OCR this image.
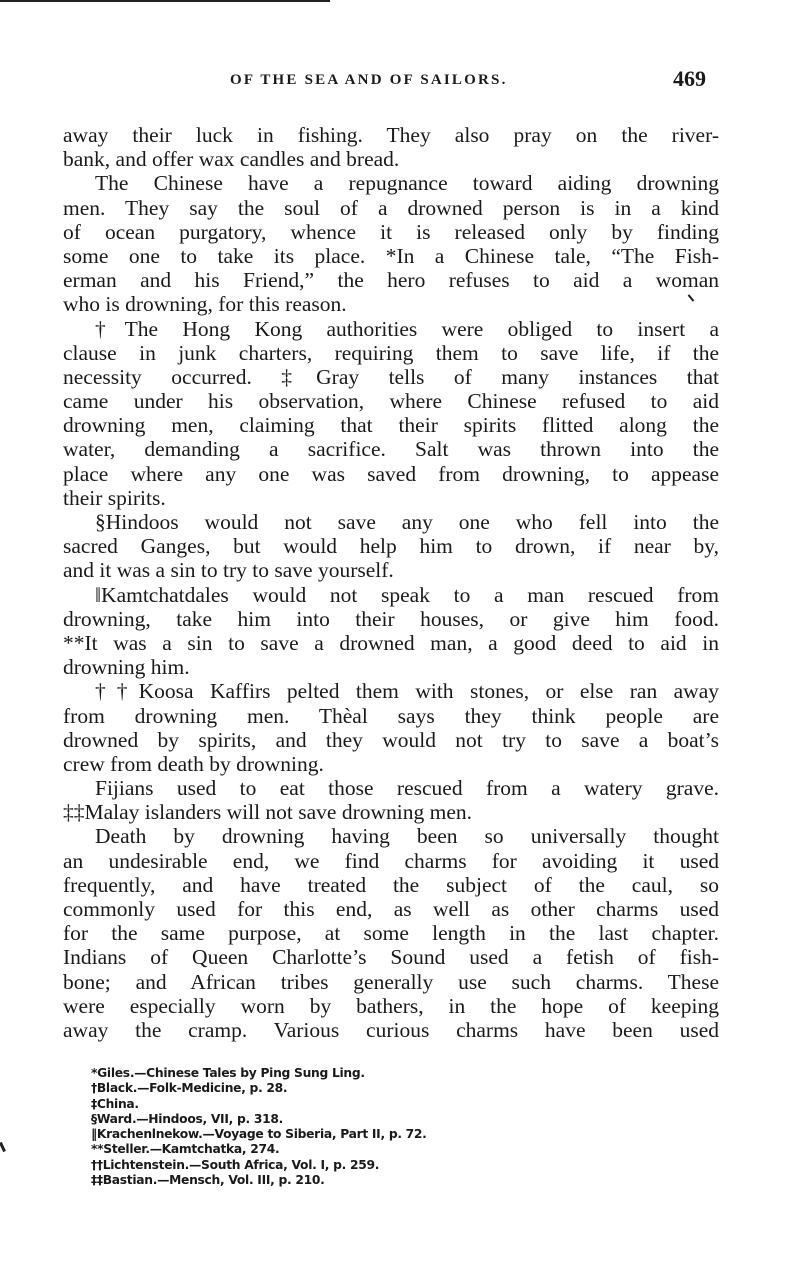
OF THE SEA AND OF SAILORS.	469
away their luck in fishing. They also pray on the river-
bank, and offer wax candles and bread.
The Chinese have a repugnance toward aiding drowning
men. They say the soul of a drowned person is in a kind
of ocean purgatory, whence it is released only by finding
some one to take its place. *In a Chinese tale, “The Fish-
erman and his Friend,” the hero refuses to aid a woman
who is drowning, for this reason.
†The Hong Kong authorities were obliged to insert a
clause in junk charters, requiring them to save life, if the
necessity occurred. ‡Gray tells of many instances that
came under his observation, where Chinese refused to aid
drowning men, claiming that their spirits flitted along the
water, demanding a sacrifice. Salt was thrown into the
place where any one was saved from drowning, to appease
their spirits.
§Hindoos would not save any one who fell into the
sacred Ganges, but would help him to drown, if near by,
and it was a sin to try to save yourself.
‖Kamtchatdales would not speak to a man rescued from
drowning, take him into their houses, or give him food.
**It was a sin to save a drowned man, a good deed to aid in
drowning him.
††Koosa Kaffirs pelted them with stones, or else ran away
from drowning men. Thèal says they think people are
drowned by spirits, and they would not try to save a boat’s
crew from death by drowning.
Fijians used to eat those rescued from a watery grave.
‡‡Malay islanders will not save drowning men.
Death by drowning having been so universally thought
an undesirable end, we find charms for avoiding it used
frequently, and have treated the subject of the caul, so
commonly used for this end, as well as other charms used
for the same purpose, at some length in the last chapter.
Indians of Queen Charlotte’s Sound used a fetish of fish-
bone; and African tribes generally use such charms. These
were especially worn by bathers, in the hope of keeping
away the cramp. Various curious charms have been used
*Giles.—Chinese Tales by Ping Sung Ling.
†Black.—Folk-Medicine, p. 28.
‡China.
§Ward.—Hindoos, VII, p. 318.
‖Krachenlnekow.—Voyage to Siberia, Part II, p. 72.
**Steller.—Kamtchatka, 274.
††Lichtenstein.—South Africa, Vol. I, p. 259.
‡‡Bastian.—Mensch, Vol. III, p. 210.
